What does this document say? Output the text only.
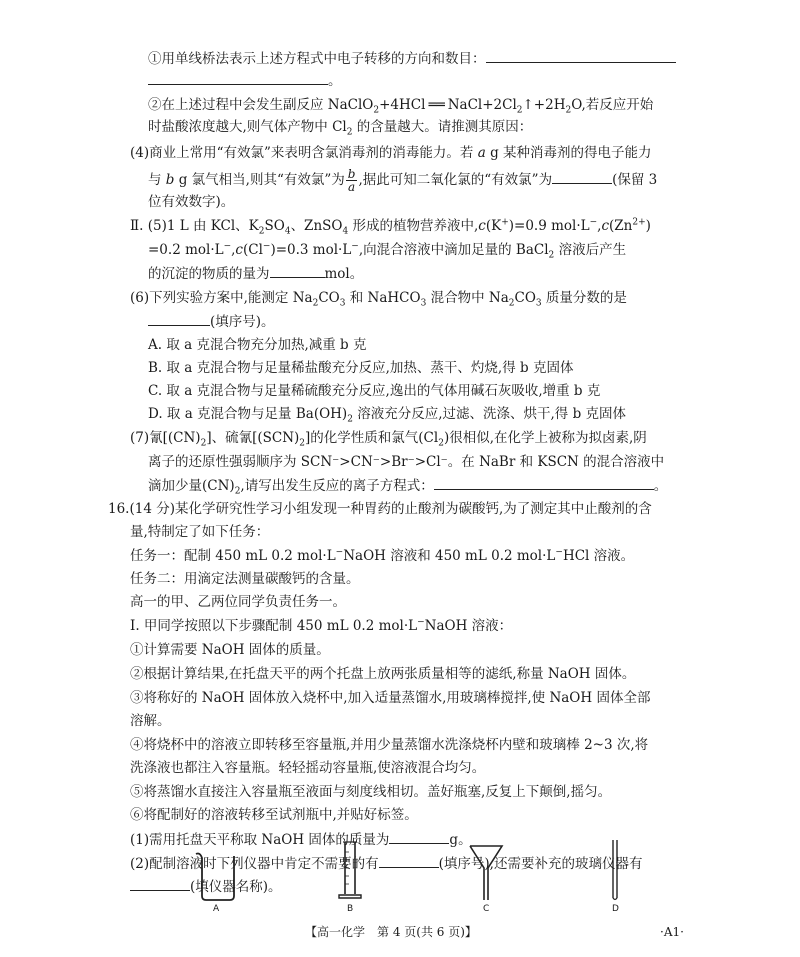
①用单线桥法表示上述方程式中电子转移的方向和数目：
。
②在上述过程中会发生副反应 NaClO$_2$+4HCl ══ $NaCl+2Cl_2↑+2H_2O$,若反应开始
时盐酸浓度越大,则气体产物中 $Cl_2$ 的含量越大。请推测其原因：
(4)商业上常用“有效氯”来表明含氯消毒剂的消毒能力。若 a g 某种消毒剂的得电子能力
与 b g 氯气相当,则其“有效氯”为 $\frac{b}{a}$ ,据此可知二氧化氯的“有效氯”为	(保留 3
位有效数字)。
Ⅱ. (5)1 L 由 KCl、$K_2SO_4$、ZnSO$_4$ 形成的植物营养液中,c(K+)=0.9 $mol\cdot L^-,c(Zn^{2+})$
=0.2 mol·L−,c(Cl−)=0.3 mol·L−,向混合溶液中滴加足量的 BaCl$_2$ 溶液后产生
的沉淀的物质的量为	mol。
(6)下列实验方案中,能测定 $Na_2CO_3$ 和 NaHCO$_3$ 混合物中 $Na_2CO_3$ 质量分数的是
(填序号)。
A. 取 a 克混合物充分加热,减重 b 克
B. 取 a 克混合物与足量稀盐酸充分反应,加热、蒸干、灼烧,得 b 克固体
C. 取 a 克混合物与足量稀硫酸充分反应,逸出的气体用碱石灰吸收,增重 b 克
D. 取 a 克混合物与足量 $Ba(OH)_2$ 溶液充分反应,过滤、洗涤、烘干,得 b 克固体
(7)氰$[(CN)_2]$、硫氰$[(SCN)_2]$的化学性质和氯气$(Cl_2)$很相似,在化学上被称为拟卤素,阴
离子的还原性强弱顺序为 SCN⁻>CN⁻>Br⁻>Cl⁻。在 NaBr 和 KSCN 的混合溶液中
滴加少量$(CN)_2$,请写出发生反应的离子方程式：	。
16.(14 分)某化学研究性学习小组发现一种胃药的止酸剂为碳酸钙,为了测定其中止酸剂的含
量,特制定了如下任务：
任务一：配制 450 mL 0.2 mol·L−NaOH 溶液和 450 mL 0.2 mol·L−HCl 溶液。
任务二：用滴定法测量碳酸钙的含量。
高一的甲、乙两位同学负责任务一。
Ⅰ. 甲同学按照以下步骤配制 450 mL 0.2 mol·L−NaOH 溶液：
①计算需要 NaOH 固体的质量。
②根据计算结果,在托盘天平的两个托盘上放两张质量相等的滤纸,称量 NaOH 固体。
③将称好的 NaOH 固体放入烧杯中,加入适量蒸馏水,用玻璃棒搅拌,使 NaOH 固体全部
溶解。
④将烧杯中的溶液立即转移至容量瓶,并用少量蒸馏水洗涤烧杯内壁和玻璃棒 2~3 次,将
洗涤液也都注入容量瓶。轻轻摇动容量瓶,使溶液混合均匀。
⑤将蒸馏水直接注入容量瓶至液面与刻度线相切。盖好瓶塞,反复上下颠倒,摇匀。
⑥将配制好的溶液转移至试剂瓶中,并贴好标签。
(1)需用托盘天平称取 NaOH 固体的质量为	g。
(2)配制溶液时下列仪器中肯定不需要的有	(填序号),还需要补充的玻璃仪器有
(填仪器名称)。
A	B	C	D
【高一化学　第 4 页(共 6 页)】	·A1·
